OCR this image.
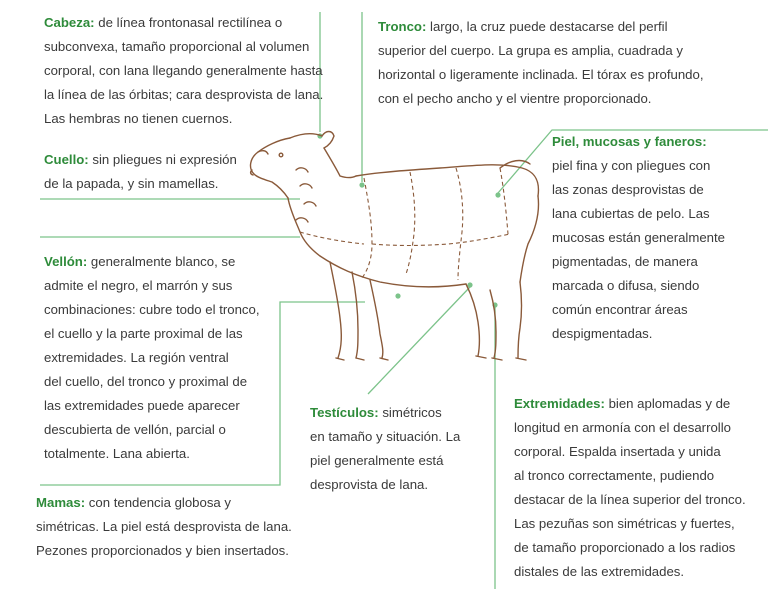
Cabeza: de línea frontonasal rectilínea o
subconvexa, tamaño proporcional al volumen
corporal, con lana llegando generalmente hasta
la línea de las órbitas; cara desprovista de lana.
Las hembras no tienen cuernos.
Cuello: sin pliegues ni expresión
de la papada, y sin mamellas.
Vellón: generalmente blanco, se
admite el negro, el marrón y sus
combinaciones: cubre todo el tronco,
el cuello y la parte proximal de las
extremidades. La región ventral
del cuello, del tronco y proximal de
las extremidades puede aparecer
descubierta de vellón, parcial o
totalmente. Lana abierta.
Mamas: con tendencia globosa y
simétricas. La piel está desprovista de lana.
Pezones proporcionados y bien insertados.
Tronco: largo, la cruz puede destacarse del perfil
superior del cuerpo. La grupa es amplia, cuadrada y
horizontal o ligeramente inclinada. El tórax es profundo,
con el pecho ancho y el vientre proporcionado.
Piel, mucosas y faneros:
piel fina y con pliegues con
las zonas desprovistas de
lana cubiertas de pelo. Las
mucosas están generalmente
pigmentadas, de manera
marcada o difusa, siendo
común encontrar áreas
despigmentadas.
Testículos: simétricos
en tamaño y situación. La
piel generalmente está
desprovista de lana.
Extremidades: bien aplomadas y de
longitud en armonía con el desarrollo
corporal. Espalda insertada y unida
al tronco correctamente, pudiendo
destacar de la línea superior del tronco.
Las pezuñas son simétricas y fuertes,
de tamaño proporcionado a los radios
distales de las extremidades.
